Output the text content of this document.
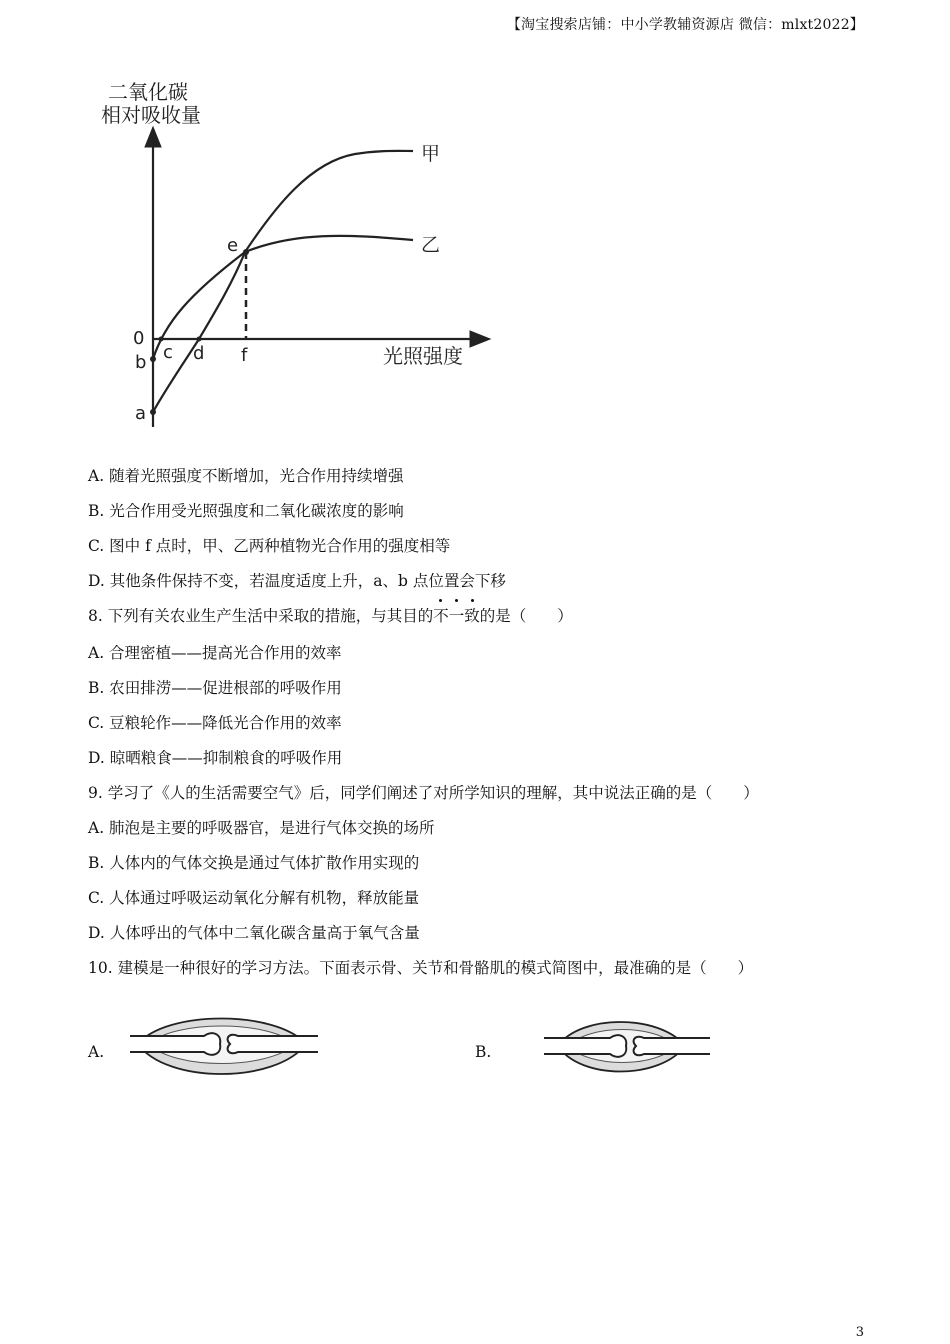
【淘宝搜索店铺：中小学教辅资源店 微信：mlxt2022】
二氧化碳
相对吸收量
光照强度
甲
乙
e
0
b
a
c d f
A. 随着光照强度不断增加，光合作用持续增强
B. 光合作用受光照强度和二氧化碳浓度的影响
C. 图中 f 点时，甲、乙两种植物光合作用的强度相等
D. 其他条件保持不变，若温度适度上升，a、b 点位置会下移
8. 下列有关农业生产生活中采取的措施，与其目的不一致的是（　　）
A. 合理密植——提高光合作用的效率
B. 农田排涝——促进根部的呼吸作用
C. 豆粮轮作——降低光合作用的效率
D. 晾晒粮食——抑制粮食的呼吸作用
9. 学习了《人的生活需要空气》后，同学们阐述了对所学知识的理解，其中说法正确的是（　　）
A. 肺泡是主要的呼吸器官，是进行气体交换的场所
B. 人体内的气体交换是通过气体扩散作用实现的
C. 人体通过呼吸运动氧化分解有机物，释放能量
D. 人体呼出的气体中二氧化碳含量高于氧气含量
10. 建模是一种很好的学习方法。下面表示骨、关节和骨骼肌的模式简图中，最准确的是（　　）
A.	B.
3
